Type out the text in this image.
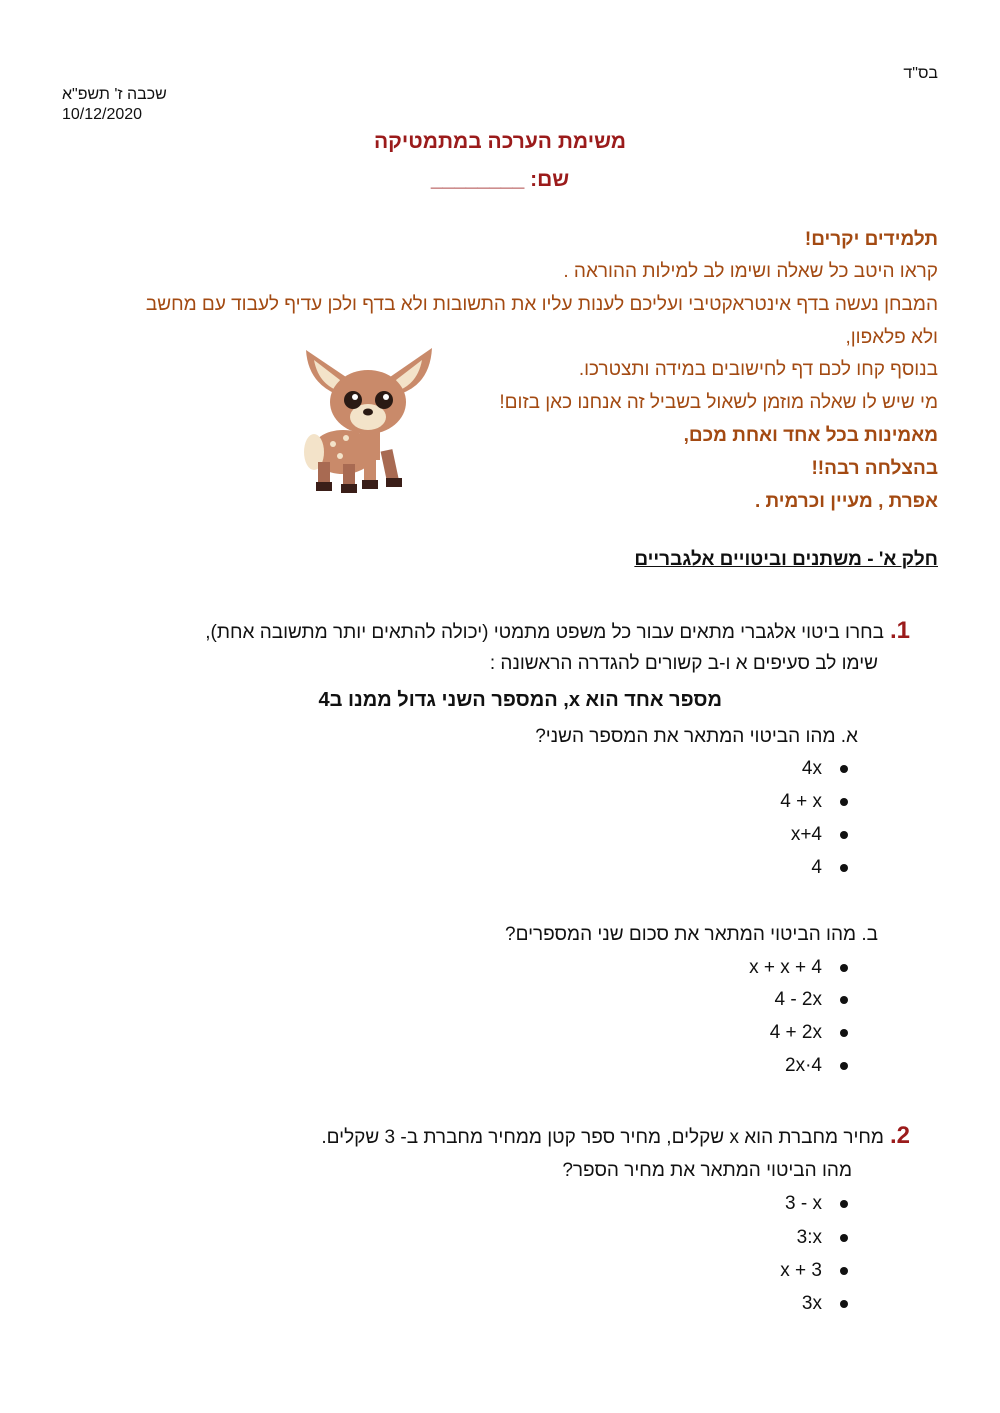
בס"ד
שכבה ז' תשפ"א
10/12/2020
משימת הערכה במתמטיקה
שם: ________
תלמידים יקרים!
קראו היטב כל שאלה ושימו לב למילות ההוראה .
המבחן נעשה בדף אינטראקטיבי ועליכם לענות עליו את התשובות ולא בדף ולכן עדיף לעבוד עם מחשב
ולא פלאפון,
בנוסף קחו לכם דף לחישובים במידה ותצטרכו.
מי שיש לו שאלה מוזמן לשאול בשביל זה אנחנו כאן בזום!
מאמינות בכל אחד ואחת מכם,
בהצלחה רבה!!
אפרת , מעיין וכרמית .
חלק א' - משתנים וביטויים אלגבריים
1.בחרו ביטוי אלגברי מתאים עבור כל משפט מתמטי (יכולה להתאים יותר מתשובה אחת),
שימו לב סעיפים א ו-ב קשורים להגדרה הראשונה :
מספר אחד הוא x, המספר השני גדול ממנו ב4
א. מהו הביטוי המתאר את המספר השני?
4x
4 + x
x+4
4
ב. מהו הביטוי המתאר את סכום שני המספרים?
x + x + 4
4 - 2x
4 + 2x
2x·4
2.מחיר מחברת הוא x שקלים, מחיר ספר קטן ממחיר מחברת ב- 3 שקלים.
מהו הביטוי המתאר את מחיר הספר?
3 - x
3:x
x + 3
3x
